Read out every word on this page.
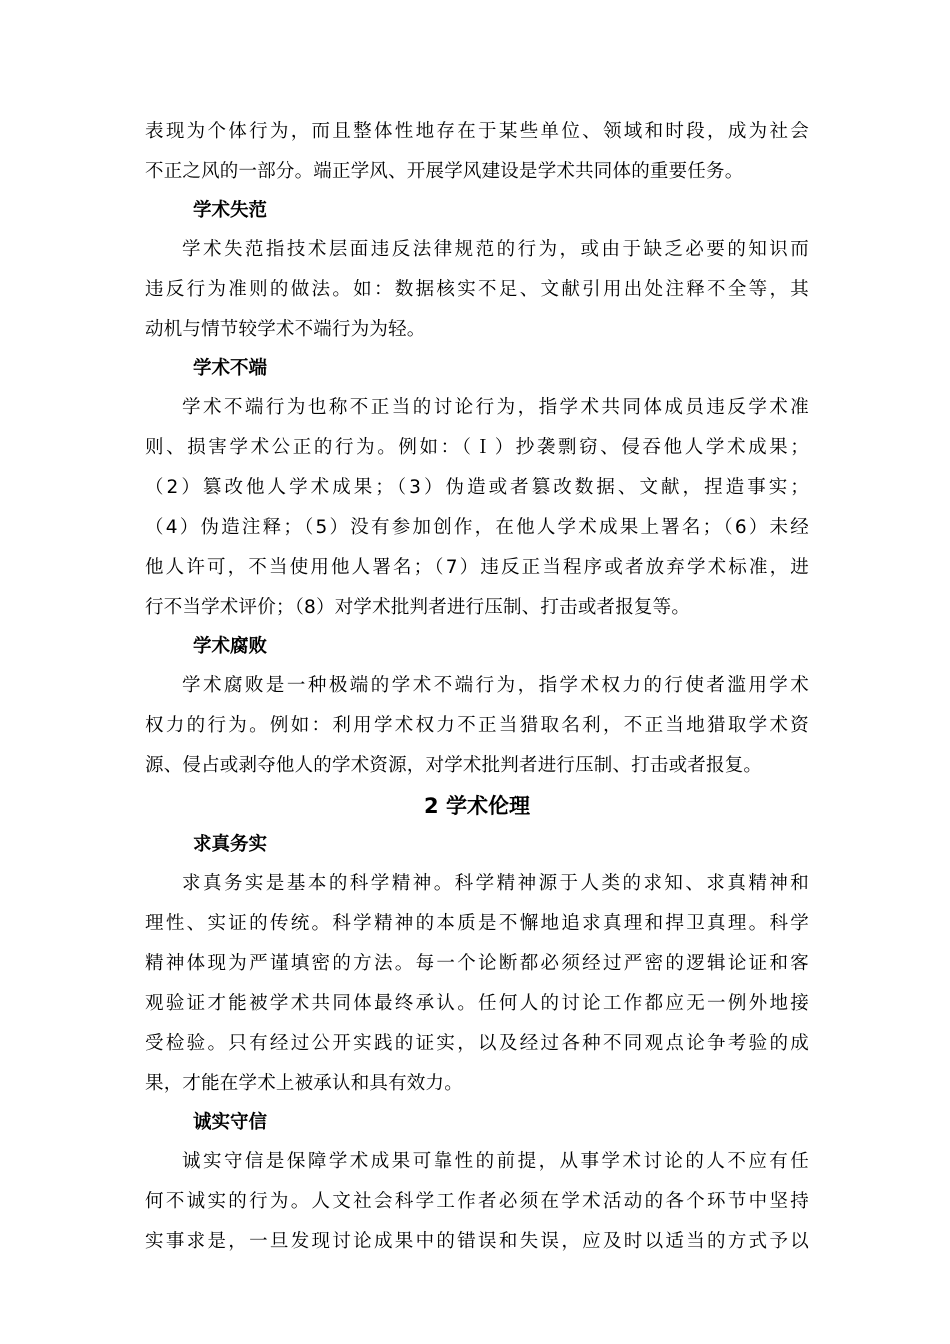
表现为个体行为，而且整体性地存在于某些单位、领域和时段，成为社会
不正之风的一部分。端正学风、开展学风建设是学术共同体的重要任务。
学术失范
学术失范指技术层面违反法律规范的行为，或由于缺乏必要的知识而
违反行为准则的做法。如：数据核实不足、文献引用出处注释不全等，其
动机与情节较学术不端行为为轻。
学术不端
学术不端行为也称不正当的讨论行为，指学术共同体成员违反学术准
则、损害学术公正的行为。例如：（Ｉ）抄袭剽窃、侵吞他人学术成果；
（2）篡改他人学术成果；（3）伪造或者篡改数据、文献，捏造事实；
（4）伪造注释；（5）没有参加创作，在他人学术成果上署名；（6）未经
他人许可，不当使用他人署名；（7）违反正当程序或者放弃学术标准，进
行不当学术评价；（8）对学术批判者进行压制、打击或者报复等。
学术腐败
学术腐败是一种极端的学术不端行为，指学术权力的行使者滥用学术
权力的行为。例如：利用学术权力不正当猎取名利，不正当地猎取学术资
源、侵占或剥夺他人的学术资源，对学术批判者进行压制、打击或者报复。
2 学术伦理
求真务实
求真务实是基本的科学精神。科学精神源于人类的求知、求真精神和
理性、实证的传统。科学精神的本质是不懈地追求真理和捍卫真理。科学
精神体现为严谨填密的方法。每一个论断都必须经过严密的逻辑论证和客
观验证才能被学术共同体最终承认。任何人的讨论工作都应无一例外地接
受检验。只有经过公开实践的证实，以及经过各种不同观点论争考验的成
果，才能在学术上被承认和具有效力。
诚实守信
诚实守信是保障学术成果可靠性的前提，从事学术讨论的人不应有任
何不诚实的行为。人文社会科学工作者必须在学术活动的各个环节中坚持
实事求是，一旦发现讨论成果中的错误和失误，应及时以适当的方式予以
